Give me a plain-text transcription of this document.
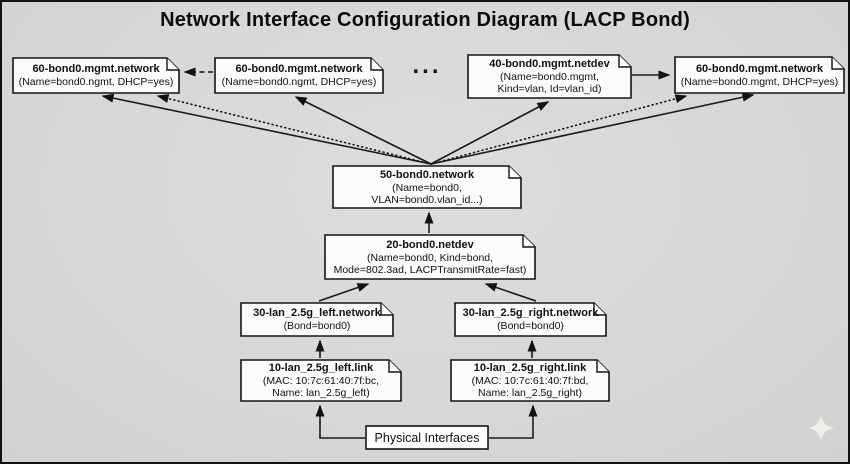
Network Interface Configuration Diagram (LACP Bond)
...
60-bond0.mgmt.network
(Name=bond0.ngmt, DHCP=yes)
60-bond0.mgmt.network
(Name=bond0.ngmt, DHCP=yes)
40-bond0.mgmt.netdev
(Name=bond0.mgmt,
Kind=vlan, Id=vlan_id)
60-bond0.mgmt.network
(Name=bond0.mgmt, DHCP=yes)
50-bond0.network
(Name=bond0,
VLAN=bond0.vlan_id...)
20-bond0.netdev
(Name=bond0, Kind=bond,
Mode=802.3ad, LACPTransmitRate=fast)
30-lan_2.5g_left.network
(Bond=bond0)
30-lan_2.5g_right.network
(Bond=bond0)
10-lan_2.5g_left.link
(MAC: 10:7c:61:40:7f:bc,
Name: lan_2.5g_left)
10-lan_2.5g_right.link
(MAC: 10:7c:61:40:7f:bd,
Name: lan_2.5g_right)
Physical Interfaces
